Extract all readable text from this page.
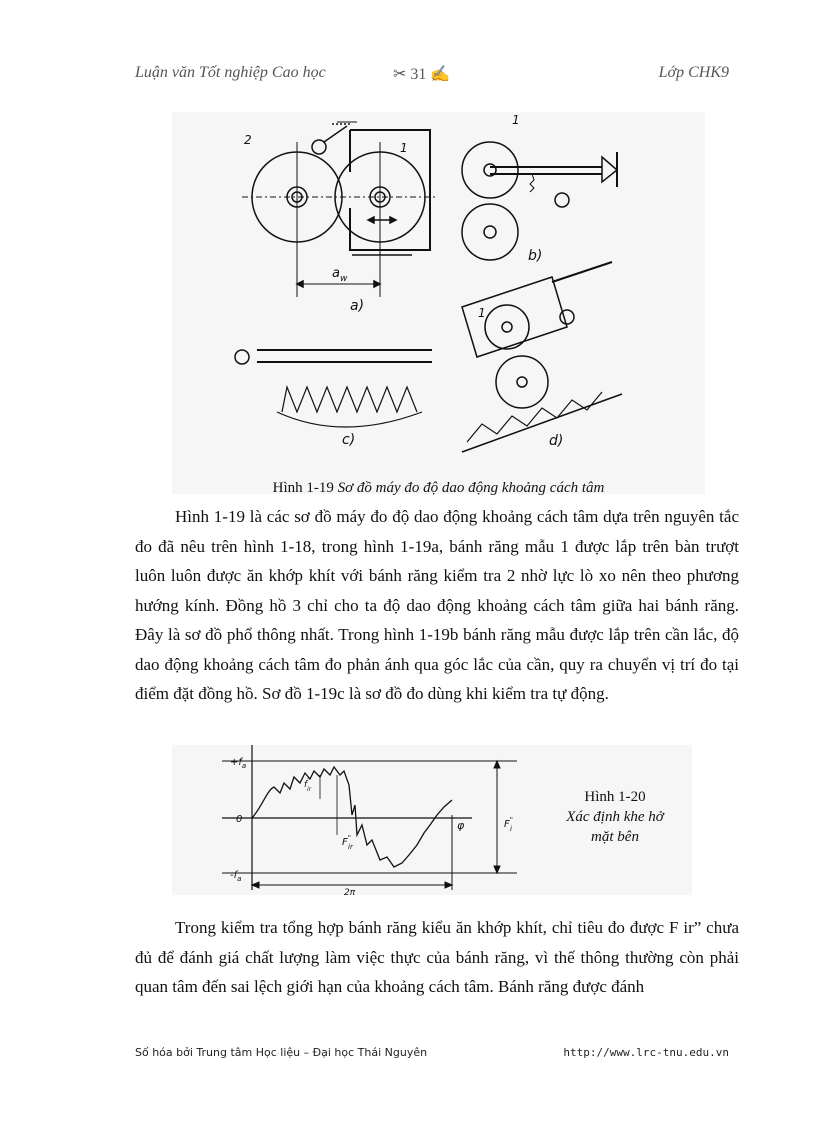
Luận văn Tốt nghiệp Cao học	✂ 31 ✍	Lớp CHK9
2
1
$a_w$
a)
1
b)
c)
1
d)
Hình 1-19 Sơ đồ máy đo độ dao động khoảng cách tâm
Hình 1-19 là các sơ đồ máy đo độ dao động khoảng cách tâm dựa trên nguyên tắc đo đã nêu trên hình 1-18, trong hình 1-19a, bánh răng mẫu 1 được lắp trên bàn trượt luôn luôn được ăn khớp khít với bánh răng kiểm tra 2 nhờ lực lò xo nên theo phương hướng kính. Đồng hồ 3 chỉ cho ta độ dao động khoảng cách tâm giữa hai bánh răng. Đây là sơ đồ phổ thông nhất. Trong hình 1-19b bánh răng mẫu được lắp trên cần lắc, độ dao động khoảng cách tâm đo phản ánh qua góc lắc của cần, quy ra chuyển vị trí đo tại điểm đặt đồng hồ. Sơ đồ 1-19c là sơ đồ đo dùng khi kiểm tra tự động.
$+f_a$
0
$-f_a$
f" ir
F" ir
F" i
φ
2π
Hình 1-20
Xác định khe hở
mặt bên
Trong kiểm tra tổng hợp bánh răng kiểu ăn khớp khít, chỉ tiêu đo được F ir” chưa đủ để đánh giá chất lượng làm việc thực của bánh răng, vì thế thông thường còn phải quan tâm đến sai lệch giới hạn của khoảng cách tâm. Bánh răng được đánh
Số hóa bởi Trung tâm Học liệu – Đại học Thái Nguyên	http://www.lrc-tnu.edu.vn
